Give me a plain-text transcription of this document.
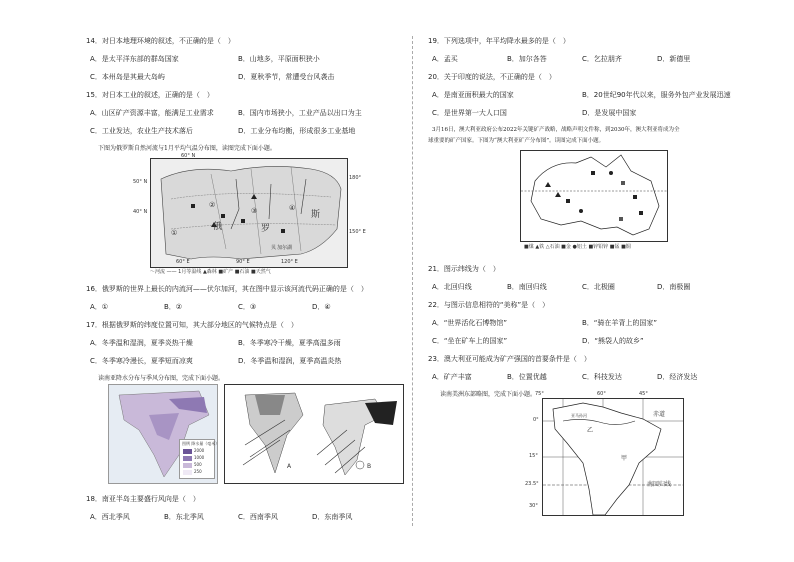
14．对日本地理环境的叙述，不正确的是（　）

A．是太平洋东部的群岛国家	B．山地多，平原面积狭小
C．本州岛是其最大岛屿	D．夏秋季节，常遭受台风袭击

15．对日本工业的叙述，正确的是（　）

A．山区矿产资源丰富，能满足工业需求	B．国内市场狭小，工业产品以出口为主
C．工业发达，农业生产技术落后	D．工业分布均衡，形成很多工业基地

下图为俄罗斯自然河流与1月平均气温分布图，读图完成下面小题。

60° N
50° N
40° N
60° E	90° E	120° E
150° E
180°
④
③
②
①
俄	罗
斯
贝 加尔湖
～河流 —— 1月等温线 ▲森林 ■矿产 ■石油 ■天然气

16．俄罗斯的世界上最长的内流河——伏尔加河，其在图中显示该河流代码正确的是（　）

A．①	B．②	C．③	D．④

17．根据俄罗斯的纬度位置可知，其大部分地区的气候特点是（　）

A．冬季温和湿润，夏季炎热干燥	B．冬季寒冷干燥，夏季高温多雨
C．冬季寒冷漫长，夏季短而凉爽	D．冬季温和湿润，夏季高温炎热

读南亚降水分布与季风分布图，完成下面小题。

图例 降水量（毫米）
2000
1000
500
250
A	B

18．南亚半岛主要盛行风向是（　）

A．西北季风	B．东北季风	C．西南季风	D．东南季风

19．下列选项中，年平均降水最多的是（　）

A．孟买	B．加尔各答	C．乞拉朋齐	D．新德里

20．关于印度的说法，不正确的是（　）

A．是南亚面积最大的国家	B．20世纪90年代以来，服务外包产业发展迅速
C．是世界第一大人口国	D．是发展中国家

3月16日，澳大利亚政府公布2022年关键矿产战略，战略声明文件称，到2030年，澳大利亚将成为全

球重要的矿产国家。下图为“澳大利亚矿产分布图”。读图完成下面小题。

■煤 ▲铁 △石油 ■金 ●铝土 ■锌铅锌 ■锰 ■铜

21．图示纬线为（　）

A．北回归线	B．南回归线	C．北极圈	D．南极圈

22．与图示信息相符的“美称”是（　）

A．“世界活化石博物馆”	B．“骑在羊背上的国家”
C．“坐在矿车上的国家”	D．“熊袋人的故乡”

23．澳大利亚可能成为矿产强国的首要条件是（　）

A．矿产丰富	B．位置优越	C．科技发达	D．经济发达

读南美洲东部略图，完成下面小题。

75°	60°	45°
赤道
0°
15°
23.5°
30°
南回归线
亚马孙河
甲
乙
